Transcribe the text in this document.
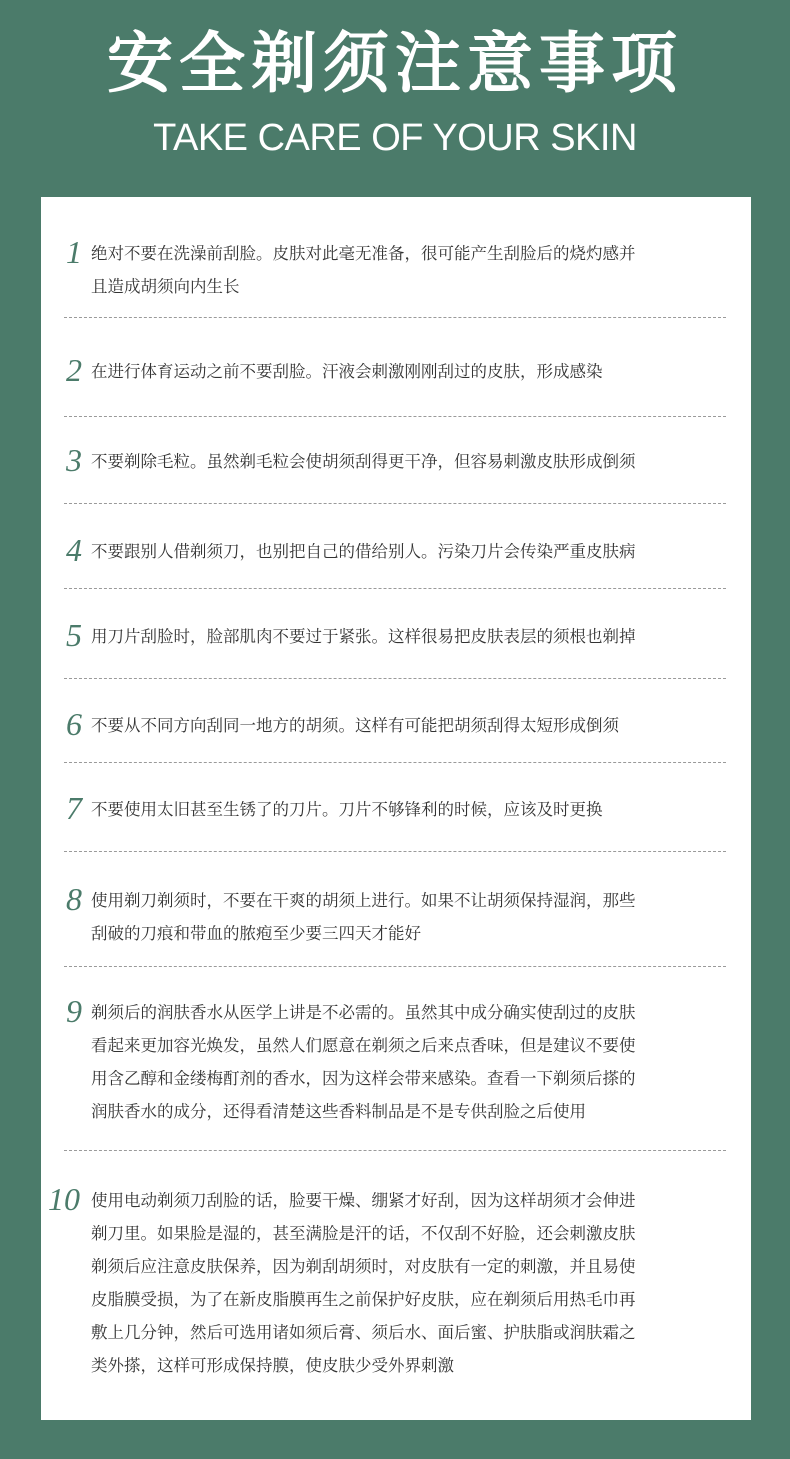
安全剃须注意事项
TAKE CARE OF YOUR SKIN
1 绝对不要在洗澡前刮脸。皮肤对此毫无准备，很可能产生刮脸后的烧灼感并
且造成胡须向内生长
2 在进行体育运动之前不要刮脸。汗液会刺激刚刚刮过的皮肤，形成感染
3 不要剃除毛粒。虽然剃毛粒会使胡须刮得更干净，但容易刺激皮肤形成倒须
4 不要跟别人借剃须刀，也别把自己的借给别人。污染刀片会传染严重皮肤病
5 用刀片刮脸时，脸部肌肉不要过于紧张。这样很易把皮肤表层的须根也剃掉
6 不要从不同方向刮同一地方的胡须。这样有可能把胡须刮得太短形成倒须
7 不要使用太旧甚至生锈了的刀片。刀片不够锋利的时候，应该及时更换
8 使用剃刀剃须时，不要在干爽的胡须上进行。如果不让胡须保持湿润，那些
刮破的刀痕和带血的脓疱至少要三四天才能好
9 剃须后的润肤香水从医学上讲是不必需的。虽然其中成分确实使刮过的皮肤
看起来更加容光焕发，虽然人们愿意在剃须之后来点香味，但是建议不要使
用含乙醇和金缕梅酊剂的香水，因为这样会带来感染。查看一下剃须后搽的
润肤香水的成分，还得看清楚这些香料制品是不是专供刮脸之后使用
10 使用电动剃须刀刮脸的话，脸要干燥、绷紧才好刮，因为这样胡须才会伸进
剃刀里。如果脸是湿的，甚至满脸是汗的话，不仅刮不好脸，还会刺激皮肤
剃须后应注意皮肤保养，因为剃刮胡须时，对皮肤有一定的刺激，并且易使
皮脂膜受损，为了在新皮脂膜再生之前保护好皮肤，应在剃须后用热毛巾再
敷上几分钟，然后可选用诸如须后膏、须后水、面后蜜、护肤脂或润肤霜之
类外搽，这样可形成保持膜，使皮肤少受外界刺激
